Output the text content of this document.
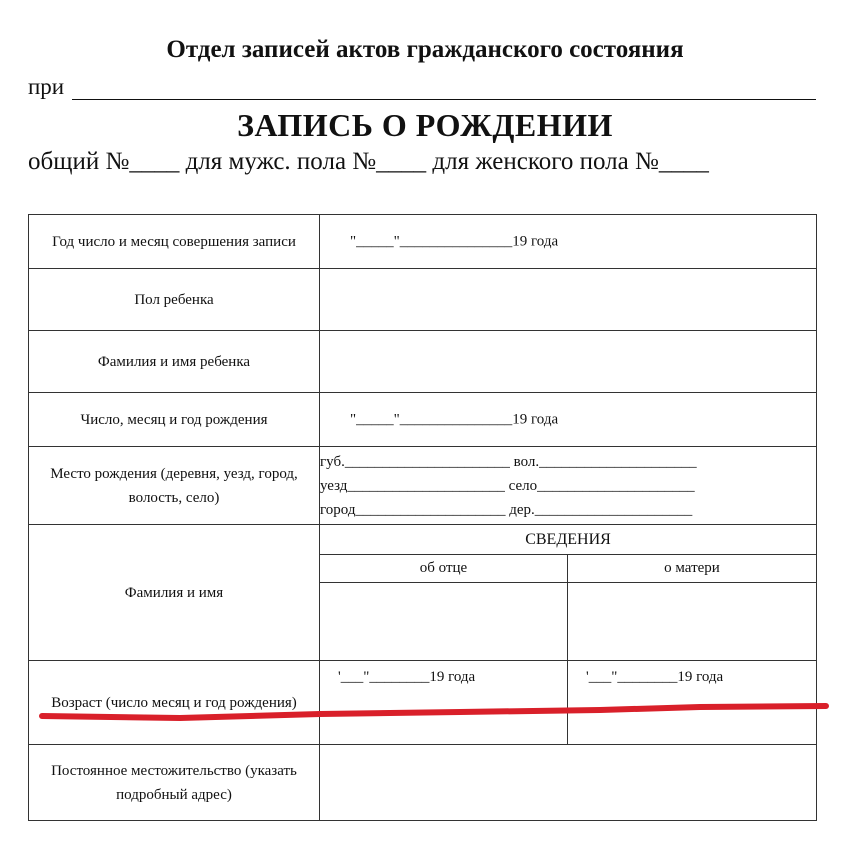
Отдел записей актов гражданского состояния
при
ЗАПИСЬ О РОЖДЕНИИ
общий №____ для мужс. пола №____ для женского пола №____
Год число и месяц совершения записи	"_____"_______________19 года	

Пол ребенка		
Фамилия и имя ребенка		
Число, месяц и год рождения	"_____"_______________19 года	

Место рождения (деревня, уезд, город, волость, село)	губ.______________________ вол._____________________
уезд_____________________ село_____________________
город____________________ дер._____________________	

Фамилия и имя	СВЕДЕНИЯ	
	об отце	о матери

Возраст (число месяц и год рождения)	'___"________19 года	'___"________19 года

Постоянное местожительство (указать подробный адрес)		
